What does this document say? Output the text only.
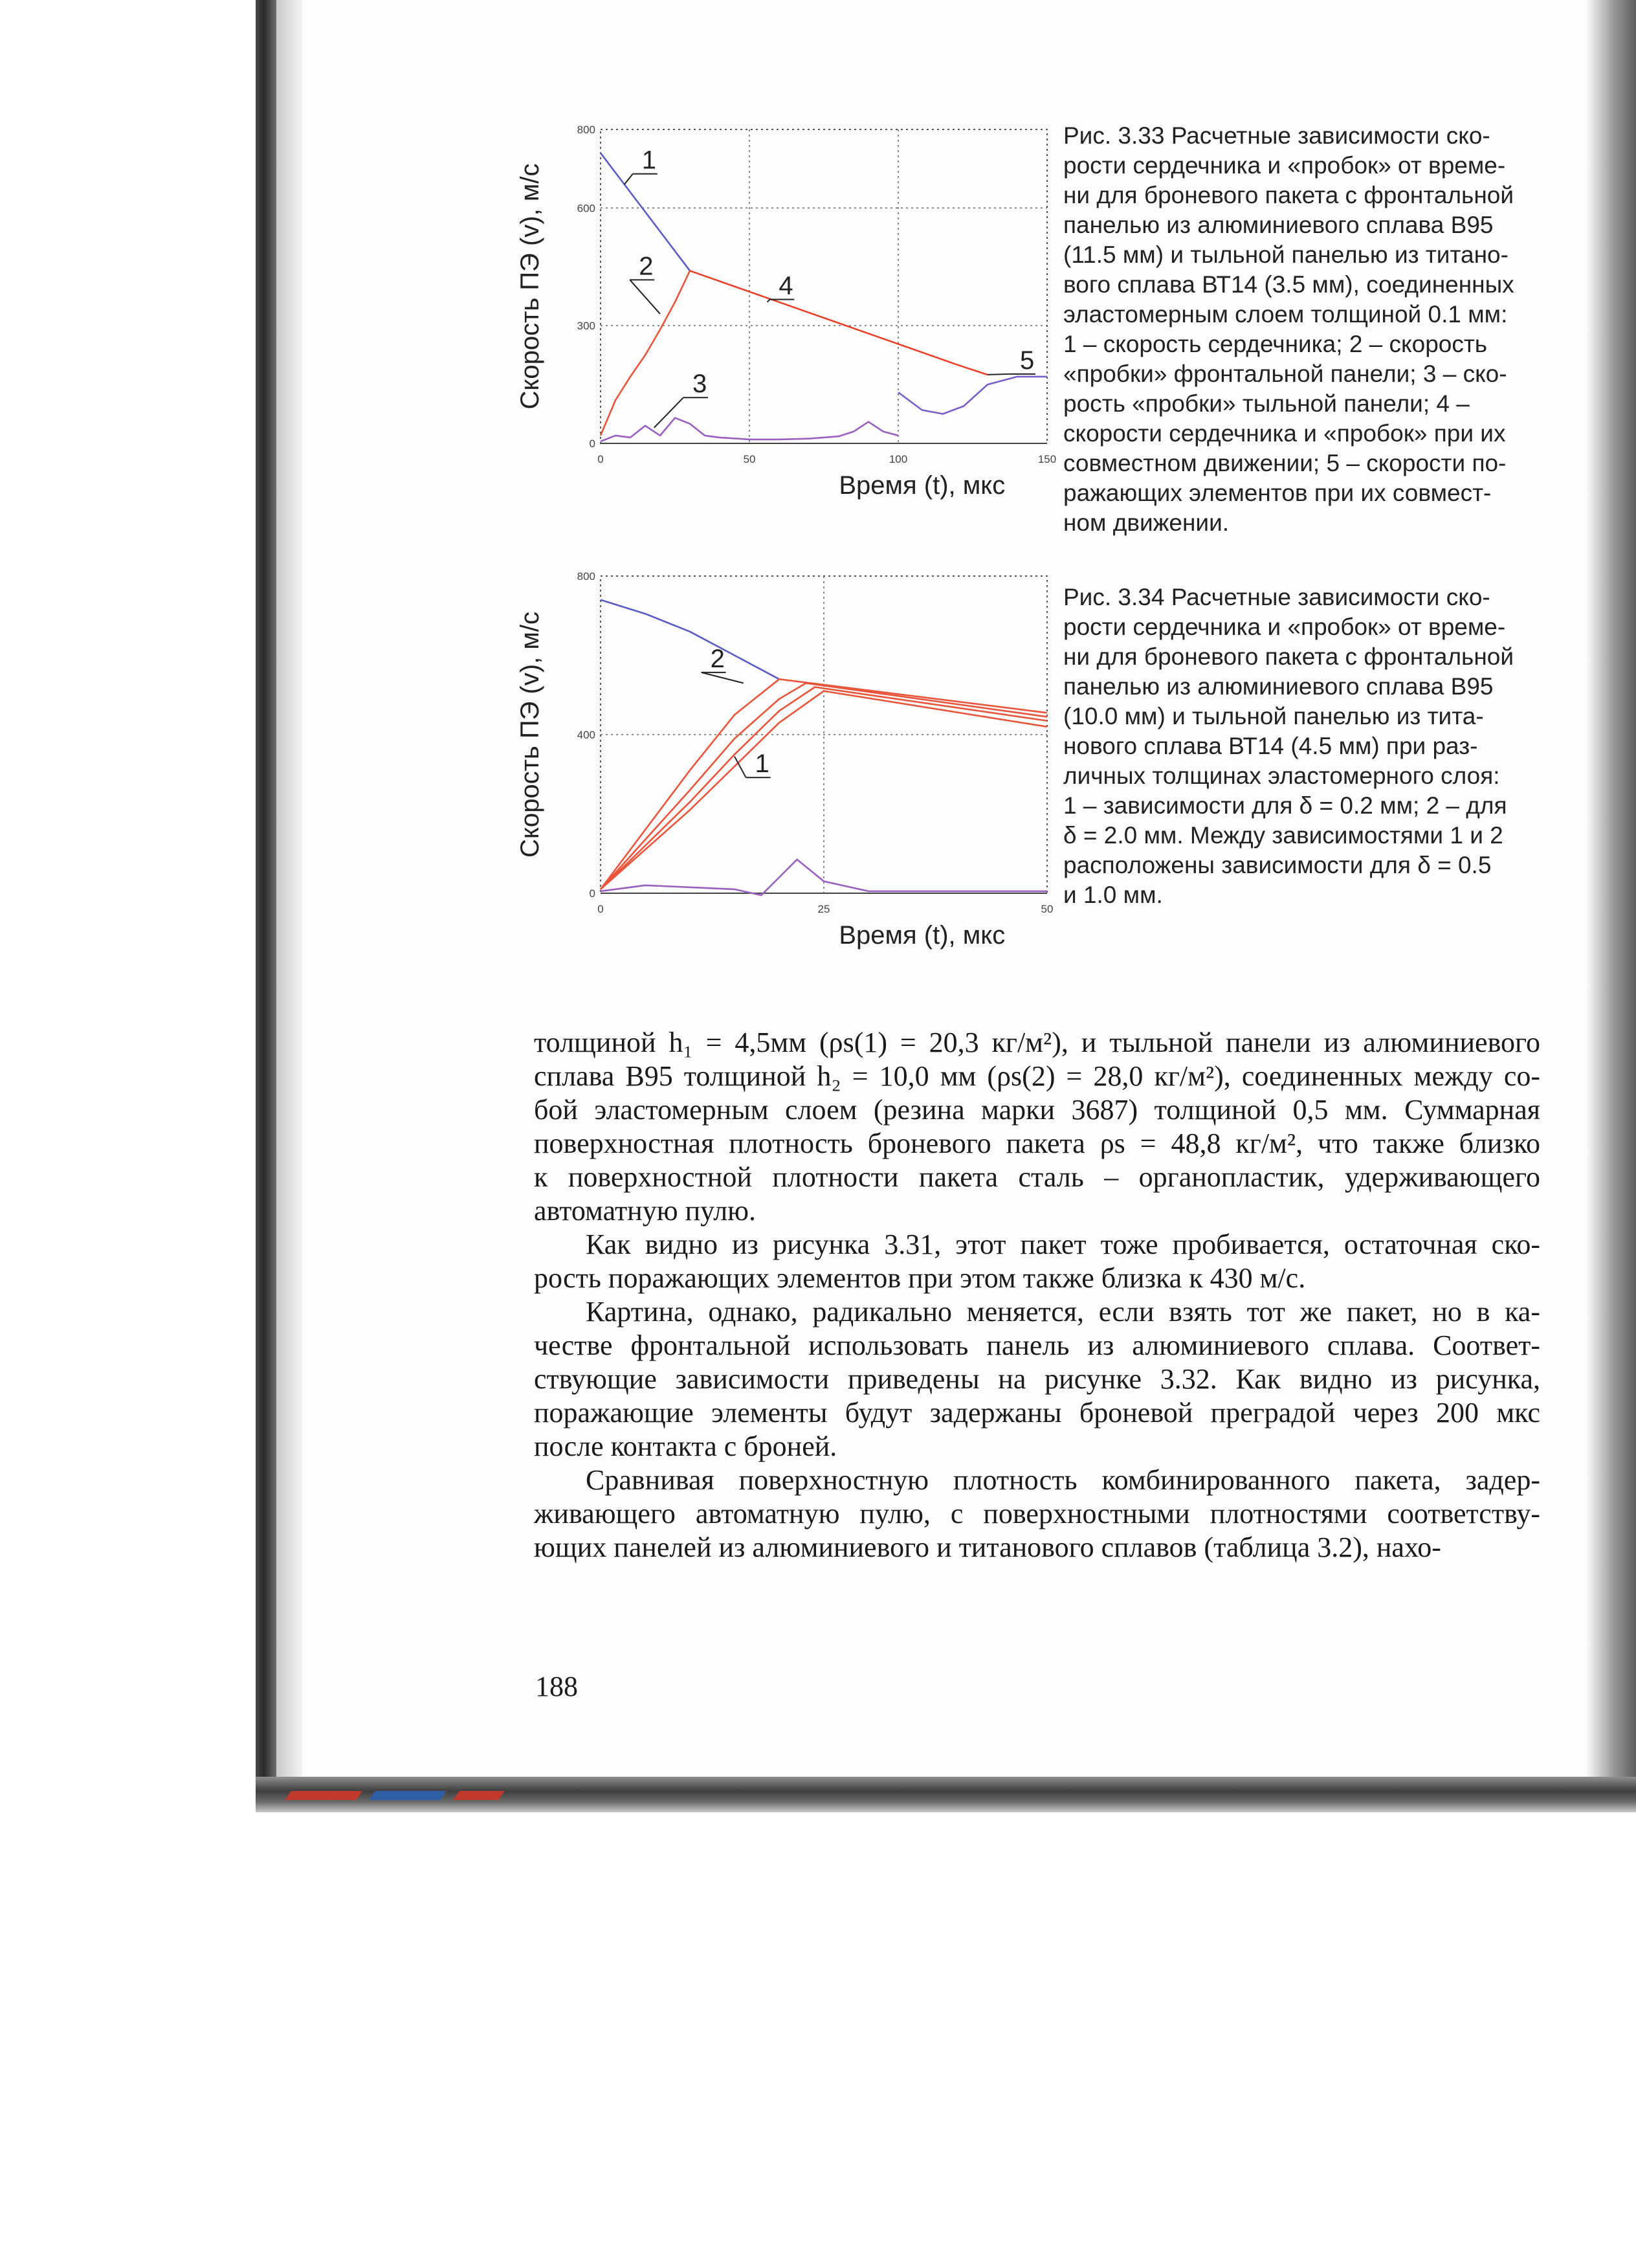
0	50	100	150
0
300
600
800
Время (t), мкс
Скорость ПЭ (v), м/с
1
2
3
4
5
Рис. 3.33 Расчетные зависимости ско-
рости сердечника и «пробок» от време-
ни для броневого пакета с фронтальной
панелью из алюминиевого сплава В95
(11.5 мм) и тыльной панелью из титано-
вого сплава ВТ14 (3.5 мм), соединенных
эластомерным слоем толщиной 0.1 мм:
1 – скорость сердечника; 2 – скорость
«пробки» фронтальной панели; 3 – ско-
рость «пробки» тыльной панели; 4 –
скорости сердечника и «пробок» при их
совместном движении; 5 – скорости по-
ражающих элементов при их совмест-
ном движении.
0	25	50
0
400
800
Время (t), мкс
Скорость ПЭ (v), м/с	1
2
Рис. 3.34 Расчетные зависимости ско-
рости сердечника и «пробок» от време-
ни для броневого пакета с фронтальной
панелью из алюминиевого сплава В95
(10.0 мм) и тыльной панелью из тита-
нового сплава ВТ14 (4.5 мм) при раз-
личных толщинах эластомерного слоя:
1 – зависимости для δ = 0.2 мм; 2 – для
δ = 2.0 мм. Между зависимостями 1 и 2
расположены зависимости для δ = 0.5
и 1.0 мм.
толщиной h₁ = 4,5мм (ρs(1) = 20,3 кг/м²), и тыльной панели из алюминиевого
сплава В95 толщиной h₂ = 10,0 мм (ρs(2) = 28,0 кг/м²), соединенных между со-
бой эластомерным слоем (резина марки 3687) толщиной 0,5 мм. Суммарная
поверхностная плотность броневого пакета ρs = 48,8 кг/м², что также близко
к поверхностной плотности пакета сталь – органопластик, удерживающего
автоматную пулю.
Как видно из рисунка 3.31, этот пакет тоже пробивается, остаточная ско-
рость поражающих элементов при этом также близка к 430 м/с.
Картина, однако, радикально меняется, если взять тот же пакет, но в ка-
честве фронтальной использовать панель из алюминиевого сплава. Соответ-
ствующие зависимости приведены на рисунке 3.32. Как видно из рисунка,
поражающие элементы будут задержаны броневой преградой через 200 мкс
после контакта с броней.
Сравнивая поверхностную плотность комбинированного пакета, задер-
живающего автоматную пулю, с поверхностными плотностями соответству-
ющих панелей из алюминиевого и титанового сплавов (таблица 3.2), нахо-
188
